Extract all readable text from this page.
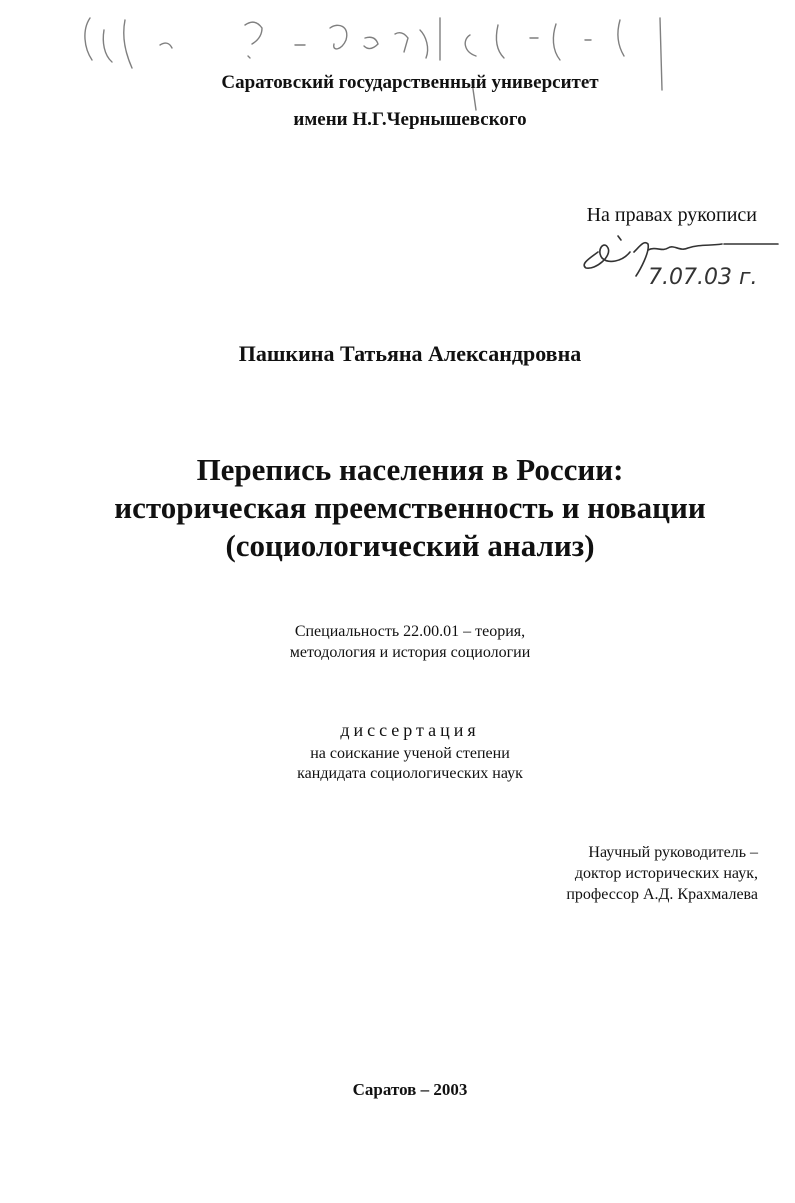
Саратовский государственный университет
имени Н.Г.Чернышевского
На правах рукописи
7.07.03 г.
Пашкина Татьяна Александровна
Перепись населения в России:
историческая преемственность и новации
(социологический анализ)
Специальность 22.00.01 – теория,
методология и история социологии
диссертация
на соискание ученой степени
кандидата социологических наук
Научный руководитель –
доктор исторических наук,
профессор А.Д. Крахмалева
Саратов – 2003
